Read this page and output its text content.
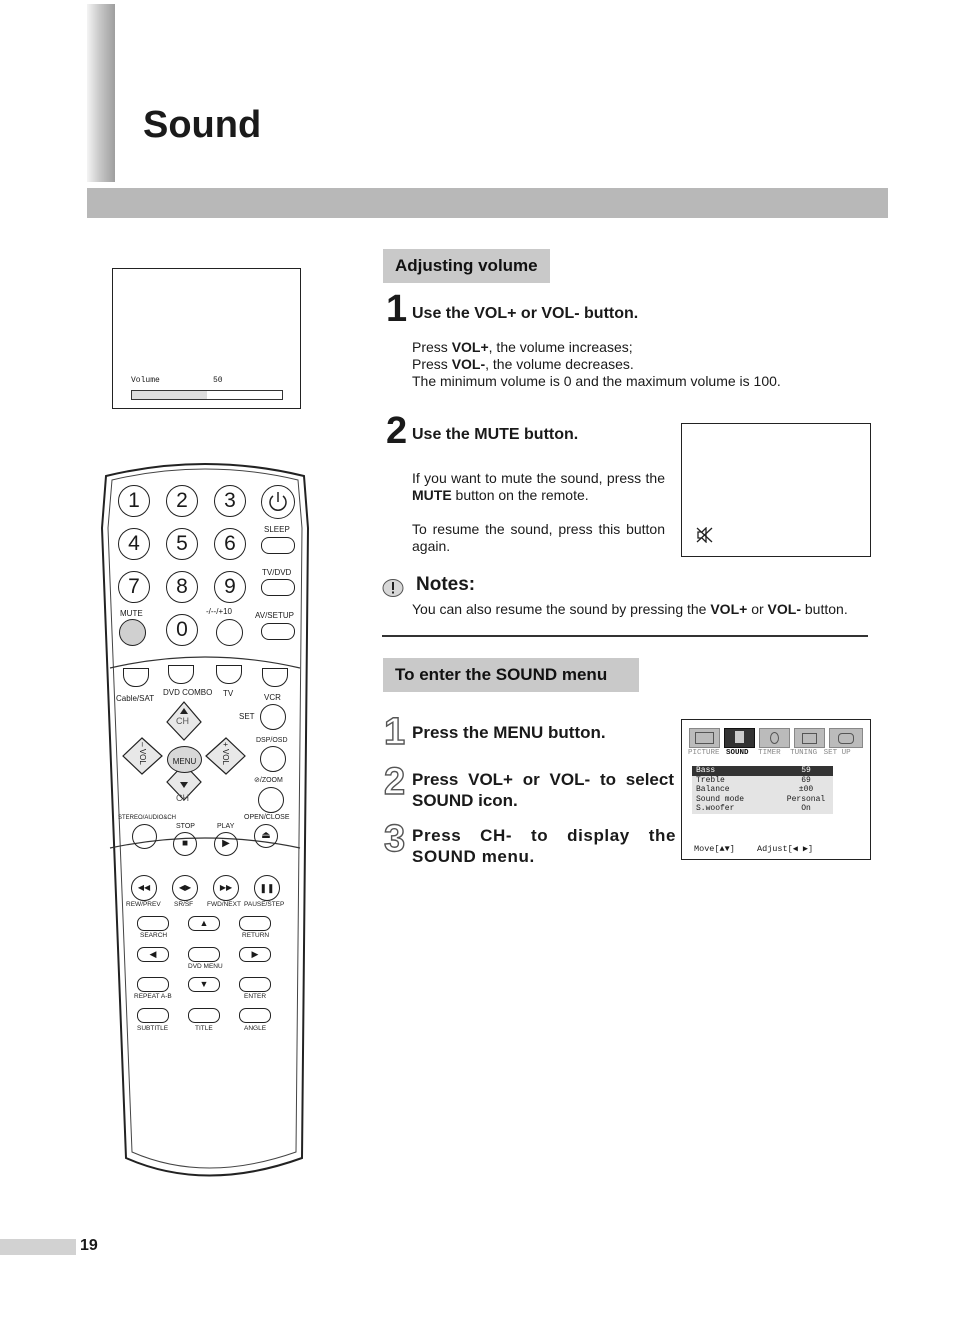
Sound
Volume	50
Adjusting volume
1 Use the VOL+ or VOL- button.
Press VOL+, the volume increases;
Press VOL-, the volume decreases.
The minimum volume is 0 and the maximum volume is 100.
2 Use the MUTE button.
If you want to mute the sound, press the MUTE button on the remote.
To resume the sound, press this button again.
Notes:
You can also resume the sound by pressing the VOL+ or VOL- button.
To enter the SOUND menu
1 Press the MENU button.
2 Press VOL+ or VOL- to select SOUND icon.
3 Press CH- to display the SOUND menu.
PICTURE SOUND TIMER TUNING SET UP
Bass	59
Treble	69
Balance	±00
Sound mode	Personal
S.woofer	On
Move[▲▼]	Adjust[◀ ▶]
SLEEP
TV/DVD
MUTE	-/--/+10	AV/SETUP
Cable/SAT
DVD COMBO TV	VCR
CH
CH
– VOL	+ VOL
MENU
SET
DSP/OSD
⊘/ZOOM
STEREO/AUDIO&CH
STOP
■
PLAY
▶
OPEN/CLOSE
⏏
◀◀	◀▶	▶▶	❚❚
REW/PREV SR/SF FWD/NEXT PAUSE/STEP
▲
SEARCH	RETURN
◀	▶
DVD MENU
▼
REPEAT A-B	ENTER
SUBTITLE	TITLE	ANGLE
1	2	3
4	5	6
7	8	9
0
19
